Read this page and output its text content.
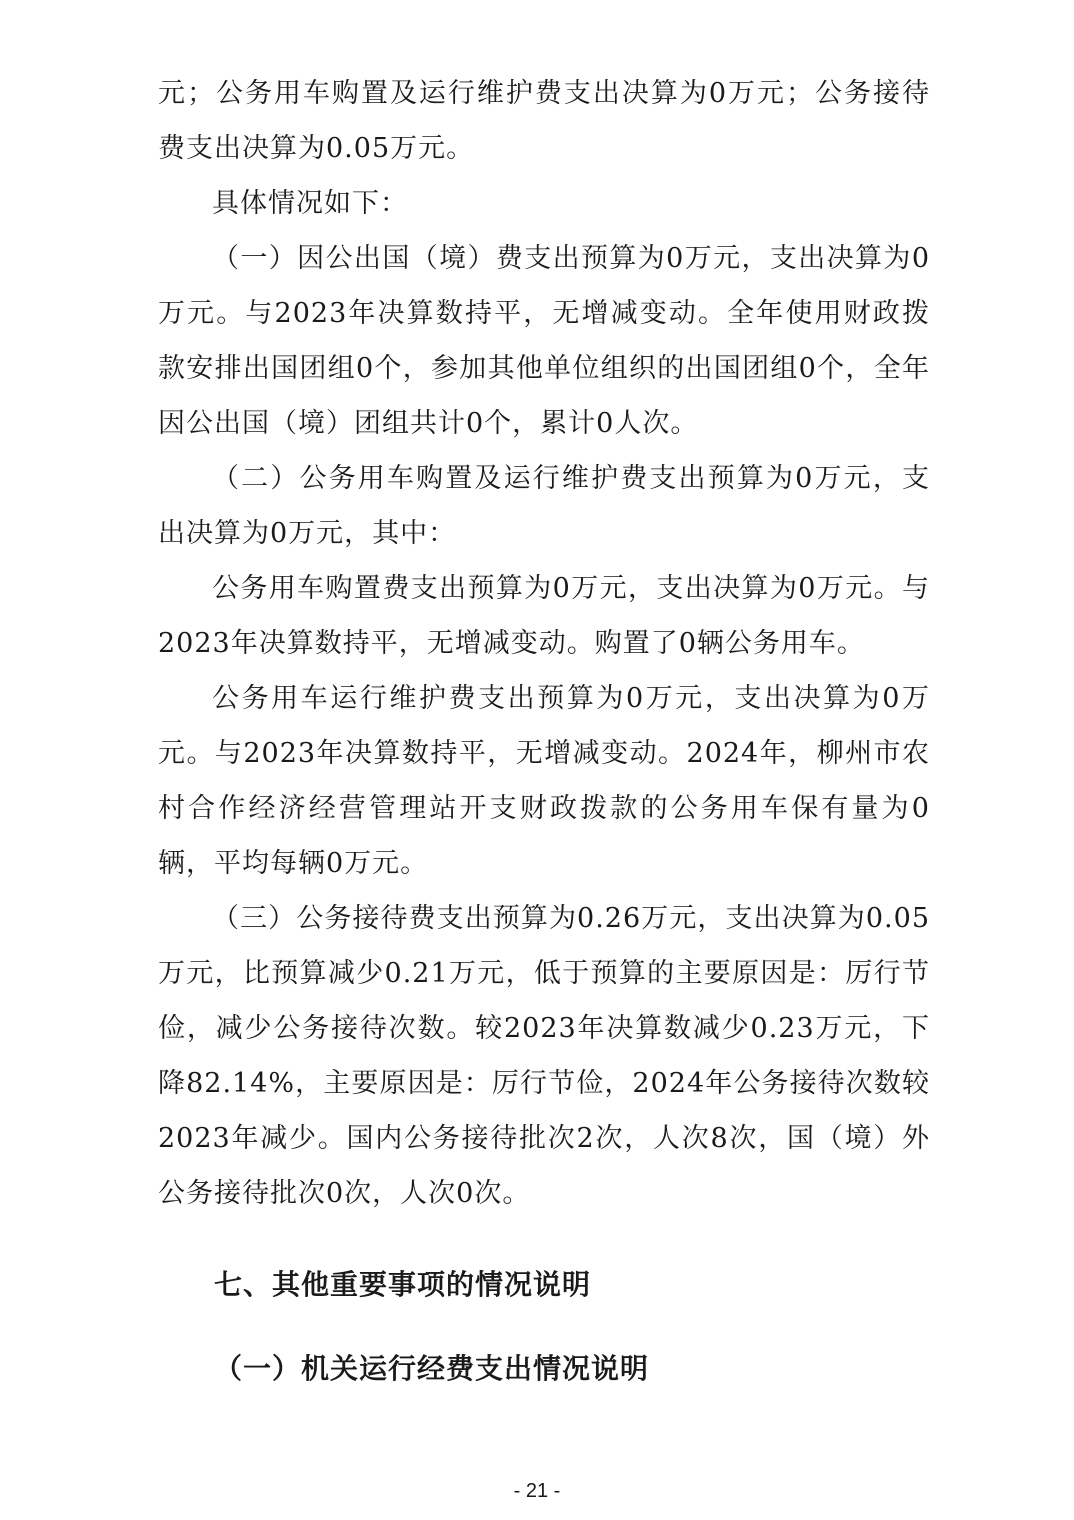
元；公务用车购置及运行维护费支出决算为0万元；公务接待费支出决算为0.05万元。

具体情况如下：

（一）因公出国（境）费支出预算为0万元，支出决算为0万元。与2023年决算数持平，无增减变动。全年使用财政拨款安排出国团组0个，参加其他单位组织的出国团组0个，全年因公出国（境）团组共计0个，累计0人次。

（二）公务用车购置及运行维护费支出预算为0万元，支出决算为0万元，其中：

公务用车购置费支出预算为0万元，支出决算为0万元。与2023年决算数持平，无增减变动。购置了0辆公务用车。

公务用车运行维护费支出预算为0万元，支出决算为0万元。与2023年决算数持平，无增减变动。2024年，柳州市农村合作经济经营管理站开支财政拨款的公务用车保有量为0辆，平均每辆0万元。

（三）公务接待费支出预算为0.26万元，支出决算为0.05万元，比预算减少0.21万元，低于预算的主要原因是：厉行节俭，减少公务接待次数。较2023年决算数减少0.23万元，下降82.14%，主要原因是：厉行节俭，2024年公务接待次数较2023年减少。国内公务接待批次2次，人次8次，国（境）外公务接待批次0次，人次0次。

七、其他重要事项的情况说明
（一）机关运行经费支出情况说明
- 21 -
